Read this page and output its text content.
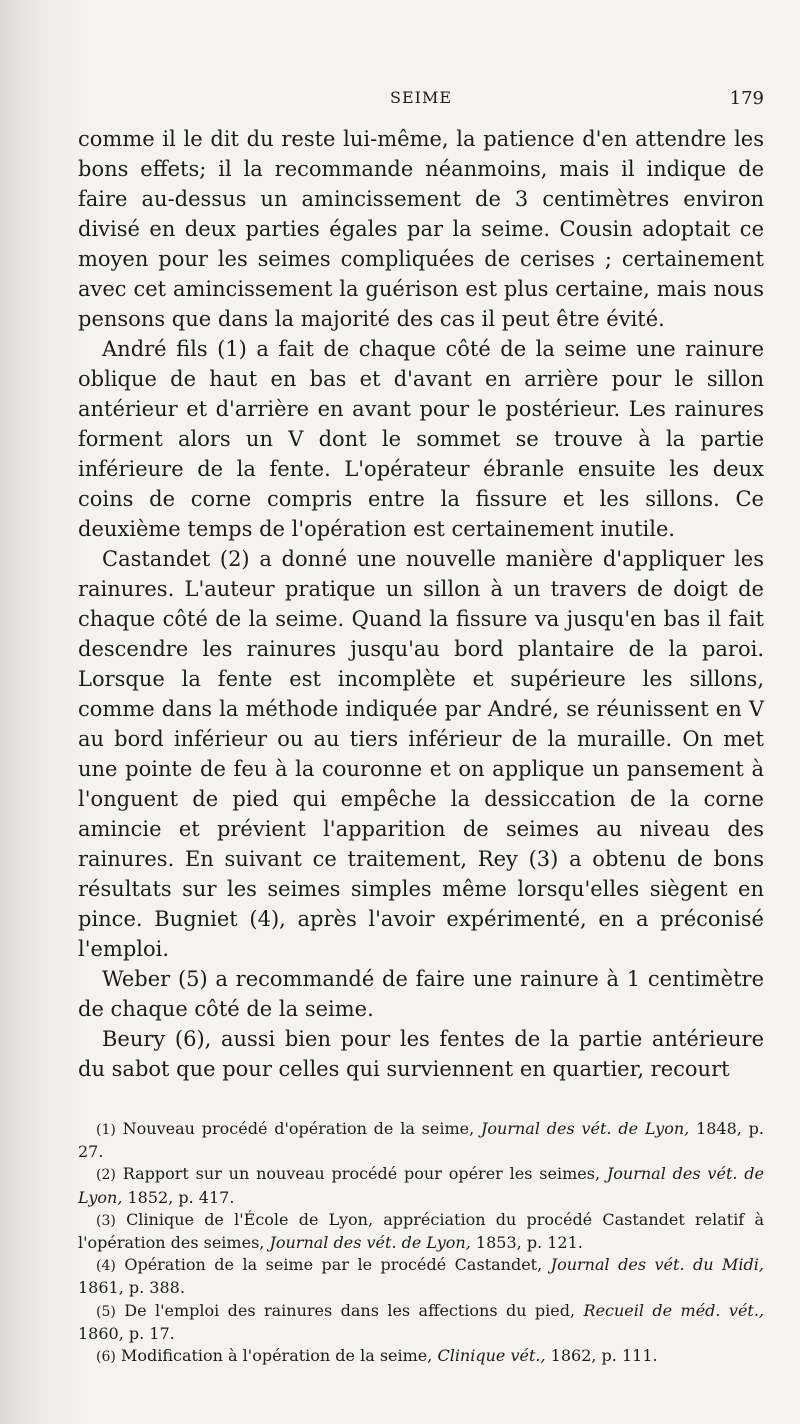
SEIME	179

comme il le dit du reste lui-même, la patience d'en attendre les bons effets; il la recommande néanmoins, mais il indique de faire au-dessus un amincissement de 3 centimètres environ divisé en deux parties égales par la seime. Cousin adoptait ce moyen pour les seimes compliquées de cerises ; certainement avec cet amincissement la guérison est plus certaine, mais nous pensons que dans la majorité des cas il peut être évité.

André fils (1) a fait de chaque côté de la seime une rainure oblique de haut en bas et d'avant en arrière pour le sillon antérieur et d'arrière en avant pour le postérieur. Les rainures forment alors un V dont le sommet se trouve à la partie inférieure de la fente. L'opérateur ébranle ensuite les deux coins de corne compris entre la fissure et les sillons. Ce deuxième temps de l'opération est certainement inutile.

Castandet (2) a donné une nouvelle manière d'appliquer les rainures. L'auteur pratique un sillon à un travers de doigt de chaque côté de la seime. Quand la fissure va jusqu'en bas il fait descendre les rainures jusqu'au bord plantaire de la paroi. Lorsque la fente est incomplète et supérieure les sillons, comme dans la méthode indiquée par André, se réunissent en V au bord inférieur ou au tiers inférieur de la muraille. On met une pointe de feu à la couronne et on applique un pansement à l'onguent de pied qui empêche la dessiccation de la corne amincie et prévient l'apparition de seimes au niveau des rainures. En suivant ce traitement, Rey (3) a obtenu de bons résultats sur les seimes simples même lorsqu'elles siègent en pince. Bugniet (4), après l'avoir expérimenté, en a préconisé l'emploi.

Weber (5) a recommandé de faire une rainure à 1 centimètre de chaque côté de la seime.

Beury (6), aussi bien pour les fentes de la partie antérieure du sabot que pour celles qui surviennent en quartier, recourt

(1) Nouveau procédé d'opération de la seime, Journal des vét. de Lyon, 1848, p. 27.

(2) Rapport sur un nouveau procédé pour opérer les seimes, Journal des vét. de Lyon, 1852, p. 417.

(3) Clinique de l'École de Lyon, appréciation du procédé Castandet relatif à l'opération des seimes, Journal des vét. de Lyon, 1853, p. 121.

(4) Opération de la seime par le procédé Castandet, Journal des vét. du Midi, 1861, p. 388.

(5) De l'emploi des rainures dans les affections du pied, Recueil de méd. vét., 1860, p. 17.

(6) Modification à l'opération de la seime, Clinique vét., 1862, p. 111.
